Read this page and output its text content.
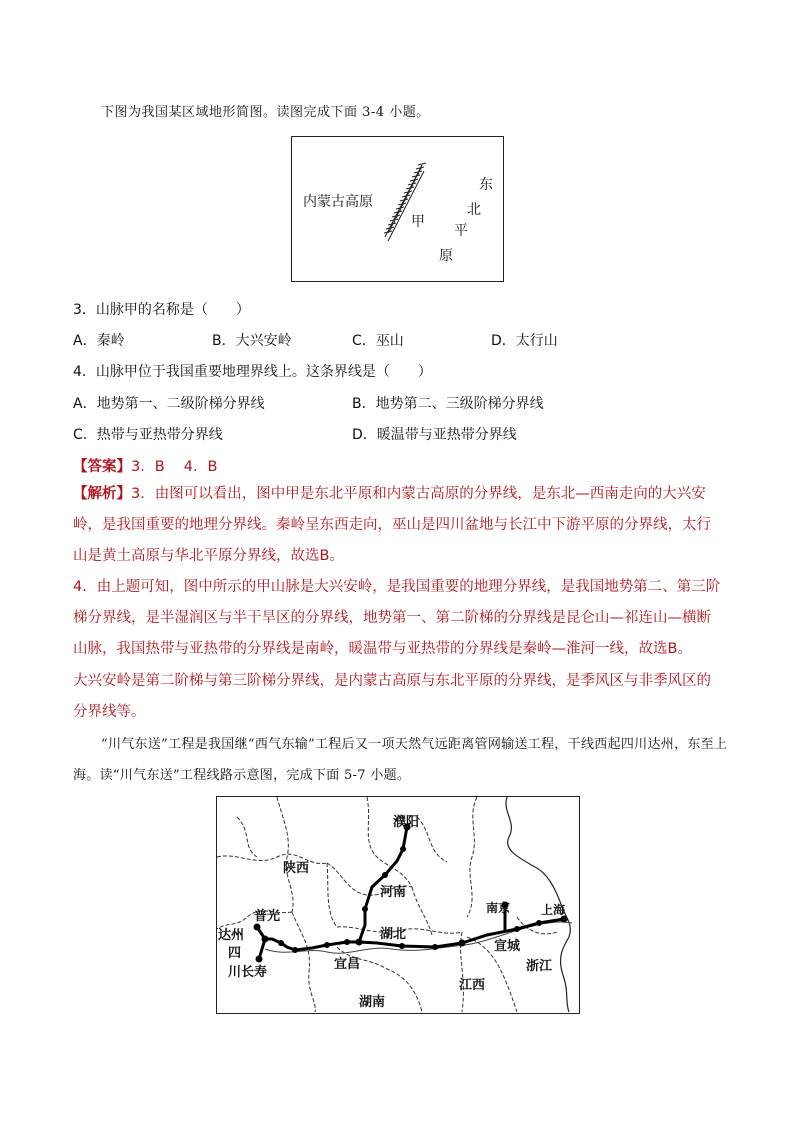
下图为我国某区域地形简图。读图完成下面 3-4 小题。
内蒙古高原
甲
东
北
平
原
3．山脉甲的名称是（　　）
A．秦岭	B．大兴安岭	C．巫山	D．太行山
4．山脉甲位于我国重要地理界线上。这条界线是（　　）
A．地势第一、二级阶梯分界线	B．地势第二、三级阶梯分界线
C．热带与亚热带分界线	D．暖温带与亚热带分界线
【答案】3．B　 4．B
【解析】3．由图可以看出，图中甲是东北平原和内蒙古高原的分界线，是东北—西南走向的大兴安岭，是我国重要的地理分界线。秦岭呈东西走向，巫山是四川盆地与长江中下游平原的分界线，太行山是黄土高原与华北平原分界线，故选B。
4．由上题可知，图中所示的甲山脉是大兴安岭，是我国重要的地理分界线，是我国地势第二、第三阶梯分界线，是半湿润区与半干旱区的分界线，地势第一、第二阶梯的分界线是昆仑山—祁连山—横断山脉，我国热带与亚热带的分界线是南岭，暖温带与亚热带的分界线是秦岭—淮河一线，故选B。
大兴安岭是第二阶梯与第三阶梯分界线，是内蒙古高原与东北平原的分界线，是季风区与非季风区的分界线等。
“川气东送”工程是我国继“西气东输”工程后又一项天然气远距离管网输送工程，干线西起四川达州，东至上海。读“川气东送”工程线路示意图，完成下面 5-7 小题。
濮阳
陕西
河南
普光
达州
四
川 长寿
湖北
宜昌
南京	上海
宣城
浙江
江西
湖南
